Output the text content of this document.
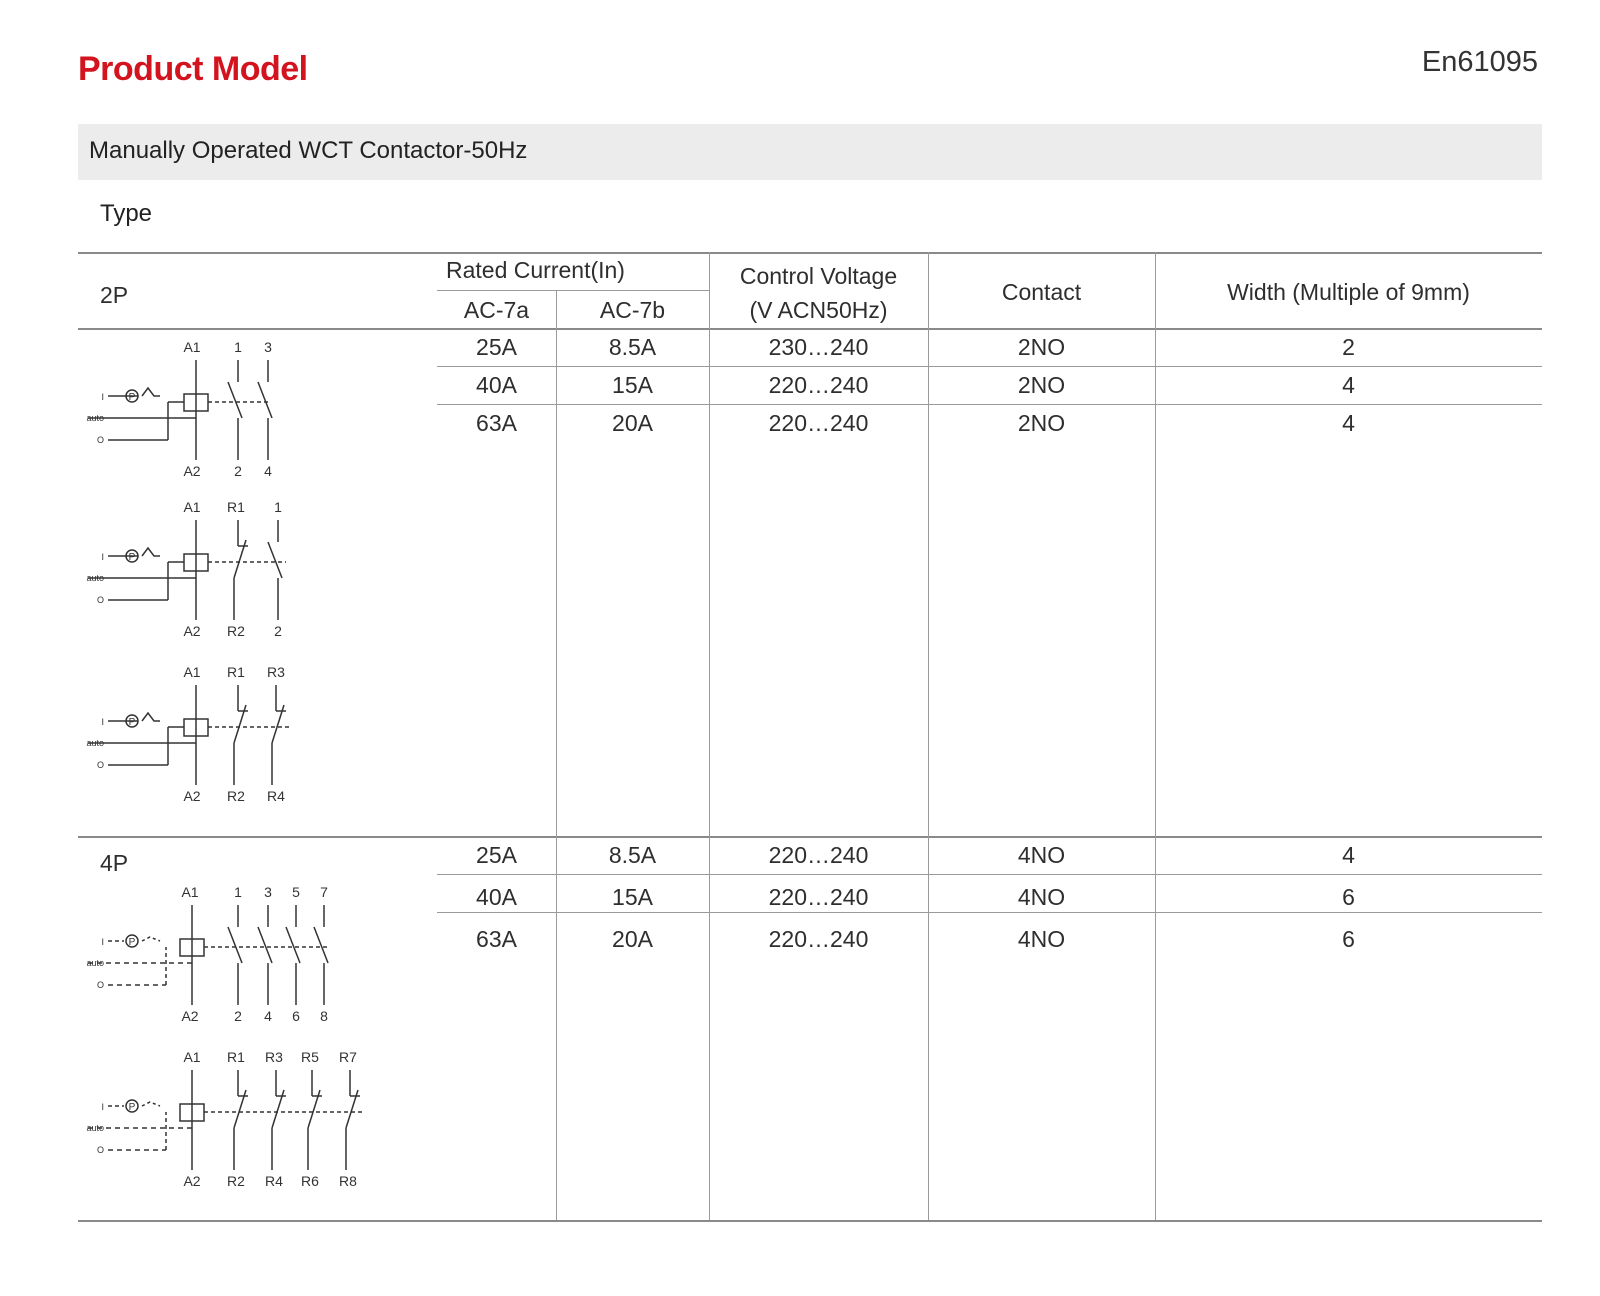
Product Model	En61095
Manually Operated WCT Contactor-50Hz
Type
Rated Current(In)
AC-7a	AC-7b
Control Voltage
(V ACN50Hz)
Contact	Width (Multiple of 9mm)
2P
25A	8.5A	230…240	2NO	2
40A	15A	220…240	2NO	4
63A	20A	220…240	2NO	4
4P	25A	8.5A	220…240	4NO	4
40A	15A	220…240	4NO	6
63A	20A	220…240	4NO	6
A1 1 3
A2 2 4
I
auto
O
P
A1 R1 1
A2 R2 2
I
auto
O
P
A1 R1 R3
A2 R2 R4
I
auto
O
P
A1	1 3 5 7
A2	2 4 6 8
I
auto
O
P
A1 R1 R3 R5 R7
A2 R2 R4 R6 R8
I
auto
O
P
